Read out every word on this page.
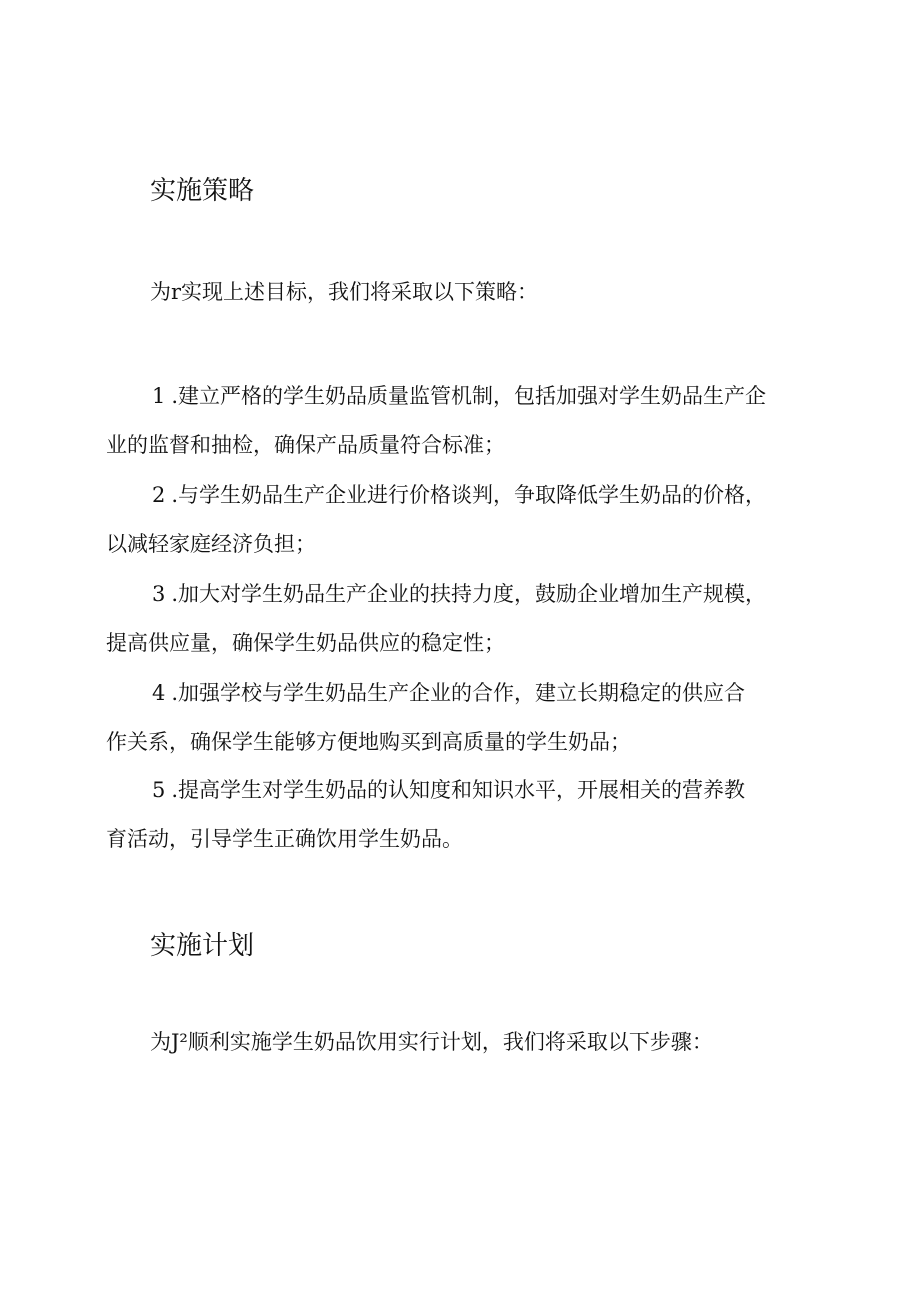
实施策略

为r实现上述目标，我们将采取以下策略：

1 .建立严格的学生奶品质量监管机制，包括加强对学生奶品生产企
业的监督和抽检，确保产品质量符合标准；
2 .与学生奶品生产企业进行价格谈判，争取降低学生奶品的价格，
以减轻家庭经济负担；
3 .加大对学生奶品生产企业的扶持力度，鼓励企业增加生产规模，
提高供应量，确保学生奶品供应的稳定性；
4 .加强学校与学生奶品生产企业的合作，建立长期稳定的供应合
作关系，确保学生能够方便地购买到高质量的学生奶品；
5 .提高学生对学生奶品的认知度和知识水平，开展相关的营养教
育活动，引导学生正确饮用学生奶品。
实施计划

为J²顺利实施学生奶品饮用实行计划，我们将采取以下步骤：
